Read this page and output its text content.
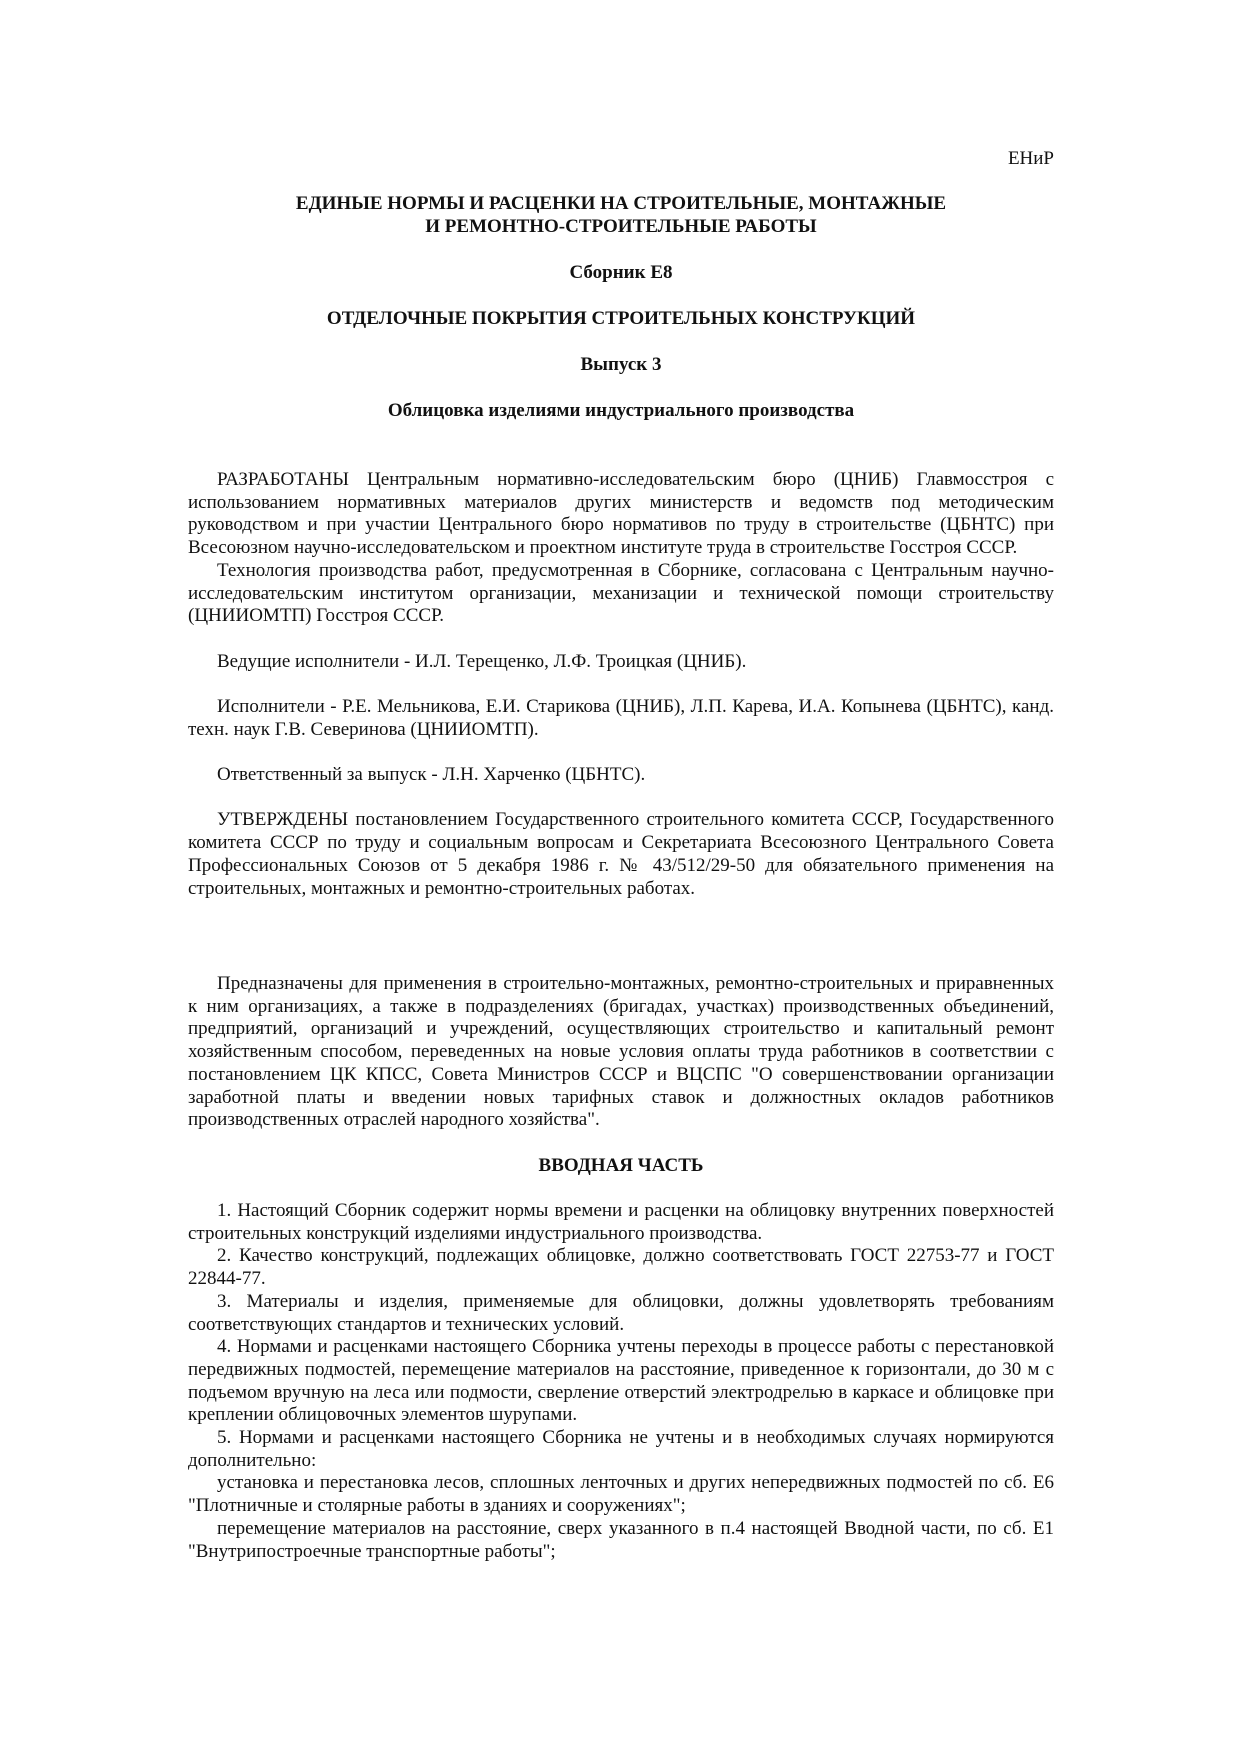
ЕНиР

ЕДИНЫЕ НОРМЫ И РАСЦЕНКИ НА СТРОИТЕЛЬНЫЕ, МОНТАЖНЫЕ
И РЕМОНТНО-СТРОИТЕЛЬНЫЕ РАБОТЫ

Сборник Е8

ОТДЕЛОЧНЫЕ ПОКРЫТИЯ СТРОИТЕЛЬНЫХ КОНСТРУКЦИЙ

Выпуск 3

Облицовка изделиями индустриального производства

РАЗРАБОТАНЫ Центральным нормативно-исследовательским бюро (ЦНИБ) Главмосстроя с использованием нормативных материалов других министерств и ведомств под методическим руководством и при участии Центрального бюро нормативов по труду в строительстве (ЦБНТС) при Всесоюзном научно-исследовательском и проектном институте труда в строительстве Госстроя СССР.

Технология производства работ, предусмотренная в Сборнике, согласована с Центральным научно-исследовательским институтом организации, механизации и технической помощи строительству (ЦНИИОМТП) Госстроя СССР.

Ведущие исполнители - И.Л. Терещенко, Л.Ф. Троицкая (ЦНИБ).

Исполнители - Р.Е. Мельникова, Е.И. Старикова (ЦНИБ), Л.П. Карева, И.А. Копынева (ЦБНТС), канд. техн. наук Г.В. Северинова (ЦНИИОМТП).

Ответственный за выпуск - Л.Н. Харченко (ЦБНТС).

УТВЕРЖДЕНЫ постановлением Государственного строительного комитета СССР, Государственного комитета СССР по труду и социальным вопросам и Секретариата Всесоюзного Центрального Совета Профессиональных Союзов от 5 декабря 1986 г. № 43/512/29-50 для обязательного применения на строительных, монтажных и ремонтно-строительных работах.

Предназначены для применения в строительно-монтажных, ремонтно-строительных и приравненных к ним организациях, а также в подразделениях (бригадах, участках) производственных объединений, предприятий, организаций и учреждений, осуществляющих строительство и капитальный ремонт хозяйственным способом, переведенных на новые условия оплаты труда работников в соответствии с постановлением ЦК КПСС, Совета Министров СССР и ВЦСПС "О совершенствовании организации заработной платы и введении новых тарифных ставок и должностных окладов работников производственных отраслей народного хозяйства".

ВВОДНАЯ ЧАСТЬ

1. Настоящий Сборник содержит нормы времени и расценки на облицовку внутренних поверхностей строительных конструкций изделиями индустриального производства.

2. Качество конструкций, подлежащих облицовке, должно соответствовать ГОСТ 22753-77 и ГОСТ 22844-77.

3. Материалы и изделия, применяемые для облицовки, должны удовлетворять требованиям соответствующих стандартов и технических условий.

4. Нормами и расценками настоящего Сборника учтены переходы в процессе работы с перестановкой передвижных подмостей, перемещение материалов на расстояние, приведенное к горизонтали, до 30 м с подъемом вручную на леса или подмости, сверление отверстий электродрелью в каркасе и облицовке при креплении облицовочных элементов шурупами.

5. Нормами и расценками настоящего Сборника не учтены и в необходимых случаях нормируются дополнительно:

установка и перестановка лесов, сплошных ленточных и других непередвижных подмостей по сб. Е6 "Плотничные и столярные работы в зданиях и сооружениях";

перемещение материалов на расстояние, сверх указанного в п.4 настоящей Вводной части, по сб. Е1 "Внутрипостроечные транспортные работы";
